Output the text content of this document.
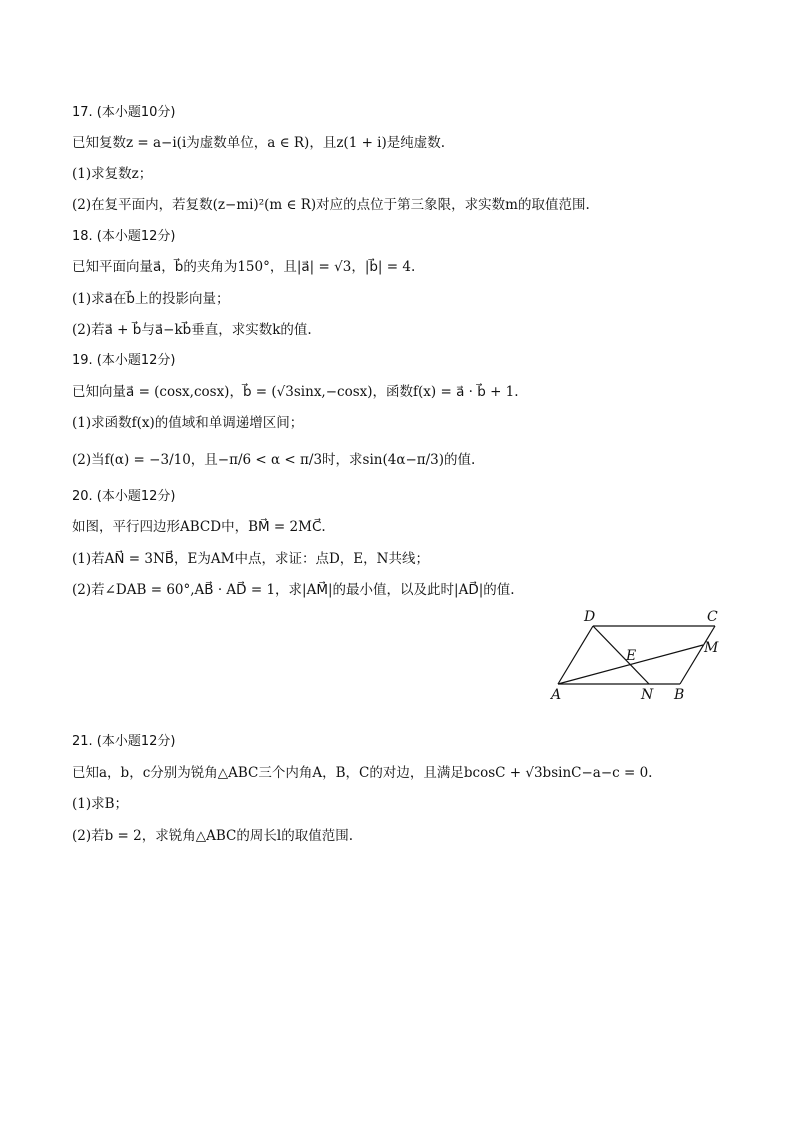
17. (本小题10分)
已知复数z = a−i(i为虚数单位，a ∈ R)，且z(1 + i)是纯虚数.
(1)求复数z；
(2)在复平面内，若复数(z−mi)²(m ∈ R)对应的点位于第三象限，求实数m的取值范围.
18. (本小题12分)
已知平面向量a⃗，b⃗的夹角为150°，且|a⃗| = √3，|b⃗| = 4.
(1)求a⃗在b⃗上的投影向量；
(2)若a⃗ + b⃗与a⃗−kb⃗垂直，求实数k的值.
19. (本小题12分)
已知向量a⃗ = (cosx,cosx)，b⃗ = (√3sinx,−cosx)，函数f(x) = a⃗ · b⃗ + 1.
(1)求函数f(x)的值域和单调递增区间；
(2)当f(α) = −3/10，且−π/6 < α < π/3时，求sin(4α−π/3)的值.
20. (本小题12分)
如图，平行四边形ABCD中，BM⃗ = 2MC⃗.
(1)若AN⃗ = 3NB⃗，E为AM中点，求证：点D，E，N共线；
(2)若∠DAB = 60°,AB⃗ · AD⃗ = 1，求|AM⃗|的最小值，以及此时|AD⃗|的值.
D	C
M
E
A	N B
21. (本小题12分)
已知a，b，c分别为锐角△ABC三个内角A，B，C的对边，且满足bcosC + √3bsinC−a−c = 0.
(1)求B；
(2)若b = 2，求锐角△ABC的周长l的取值范围.
